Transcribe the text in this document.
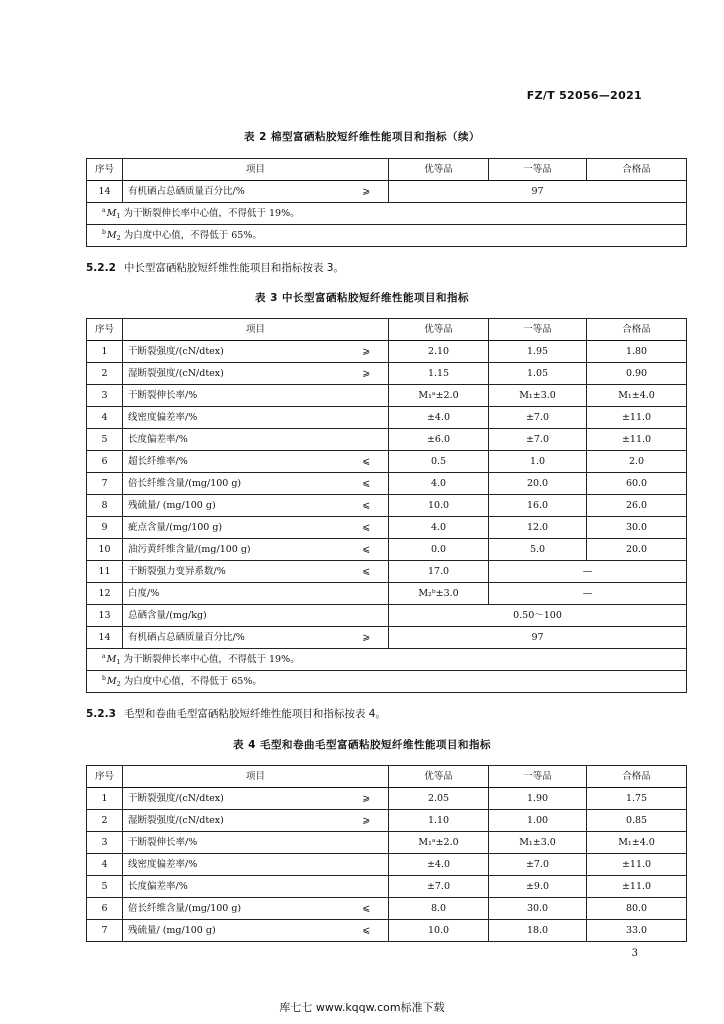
FZ/T 52056—2021
表 2 棉型富硒粘胶短纤维性能项目和指标（续）
序号	项目		优等品	一等品	合格品
14	有机硒占总硒质量百分比/%	⩾	97		
$^aM_1$ 为干断裂伸长率中心值，不得低于 19%。					
$^bM_2$ 为白度中心值，不得低于 65%。					
5.2.2 中长型富硒粘胶短纤维性能项目和指标按表 3。
表 3 中长型富硒粘胶短纤维性能项目和指标
序号	项目		优等品	一等品	合格品
1	干断裂强度/(cN/dtex)	⩾	2.10	1.95	1.80
2	湿断裂强度/(cN/dtex)	⩾	1.15	1.05	0.90
3	干断裂伸长率/%		M₁ᵃ±2.0	M₁±3.0	M₁±4.0
4	线密度偏差率/%		±4.0	±7.0	±11.0
5	长度偏差率/%		±6.0	±7.0	±11.0
6	超长纤维率/%	⩽	0.5	1.0	2.0
7	倍长纤维含量/(mg/100 g)	⩽	4.0	20.0	60.0
8	残硫量/ (mg/100 g)	⩽	10.0	16.0	26.0
9	疵点含量/(mg/100 g)	⩽	4.0	12.0	30.0
10	油污黄纤维含量/(mg/100 g)	⩽	0.0	5.0	20.0
11	干断裂强力变异系数/%	⩽	17.0	—	
12	白度/%		M₂ᵇ±3.0	—	
13	总硒含量/(mg/kg)		0.50～100		
14	有机硒占总硒质量百分比/%	⩾	97		
$^aM_1$ 为干断裂伸长率中心值，不得低于 19%。					
$^bM_2$ 为白度中心值，不得低于 65%。					
5.2.3 毛型和卷曲毛型富硒粘胶短纤维性能项目和指标按表 4。
表 4 毛型和卷曲毛型富硒粘胶短纤维性能项目和指标
序号	项目		优等品	一等品	合格品
1	干断裂强度/(cN/dtex)	⩾	2.05	1.90	1.75
2	湿断裂强度/(cN/dtex)	⩾	1.10	1.00	0.85
3	干断裂伸长率/%		M₁ᵃ±2.0	M₁±3.0	M₁±4.0
4	线密度偏差率/%		±4.0	±7.0	±11.0
5	长度偏差率/%		±7.0	±9.0	±11.0
6	倍长纤维含量/(mg/100 g)	⩽	8.0	30.0	80.0
7	残硫量/ (mg/100 g)	⩽	10.0	18.0	33.0
3
库七七 www.kqqw.com标准下载
